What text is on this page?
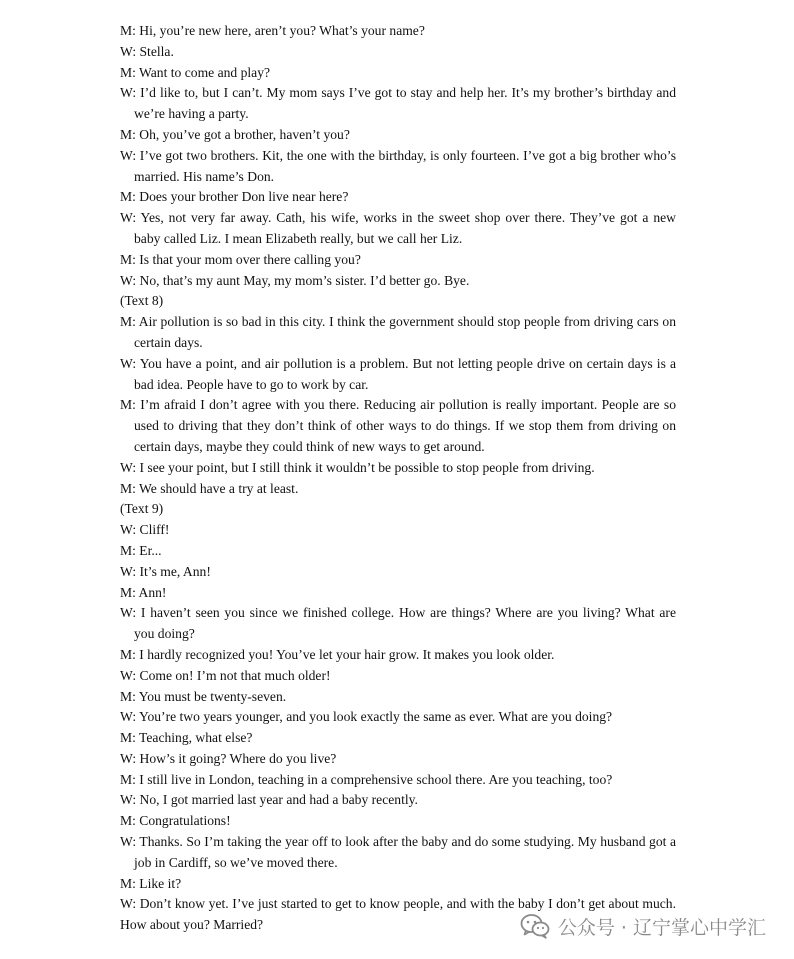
M: Hi, you’re new here, aren’t you? What’s your name?

W: Stella.

M: Want to come and play?

W: I’d like to, but I can’t. My mom says I’ve got to stay and help her. It’s my brother’s birthday and we’re having a party.

M: Oh, you’ve got a brother, haven’t you?

W: I’ve got two brothers. Kit, the one with the birthday, is only fourteen. I’ve got a big brother who’s married. His name’s Don.

M: Does your brother Don live near here?

W: Yes, not very far away. Cath, his wife, works in the sweet shop over there. They’ve got a new baby called Liz. I mean Elizabeth really, but we call her Liz.

M: Is that your mom over there calling you?

W: No, that’s my aunt May, my mom’s sister. I’d better go. Bye.

(Text 8)

M: Air pollution is so bad in this city. I think the government should stop people from driving cars on certain days.

W: You have a point, and air pollution is a problem. But not letting people drive on certain days is a bad idea. People have to go to work by car.

M: I’m afraid I don’t agree with you there. Reducing air pollution is really important. People are so used to driving that they don’t think of other ways to do things. If we stop them from driving on certain days, maybe they could think of new ways to get around.

W: I see your point, but I still think it wouldn’t be possible to stop people from driving.

M: We should have a try at least.

(Text 9)

W: Cliff!

M: Er...

W: It’s me, Ann!

M: Ann!

W: I haven’t seen you since we finished college. How are things? Where are you living? What are you doing?

M: I hardly recognized you! You’ve let your hair grow. It makes you look older.

W: Come on! I’m not that much older!

M: You must be twenty-seven.

W: You’re two years younger, and you look exactly the same as ever. What are you doing?

M: Teaching, what else?

W: How’s it going? Where do you live?

M: I still live in London, teaching in a comprehensive school there. Are you teaching, too?

W: No, I got married last year and had a baby recently.

M: Congratulations!

W: Thanks. So I’m taking the year off to look after the baby and do some studying. My husband got a job in Cardiff, so we’ve moved there.

M: Like it?

W: Don’t know yet. I’ve just started to get to know people, and with the baby I don’t get about much. How about you? Married?	公众号 · 辽宁掌心中学汇
